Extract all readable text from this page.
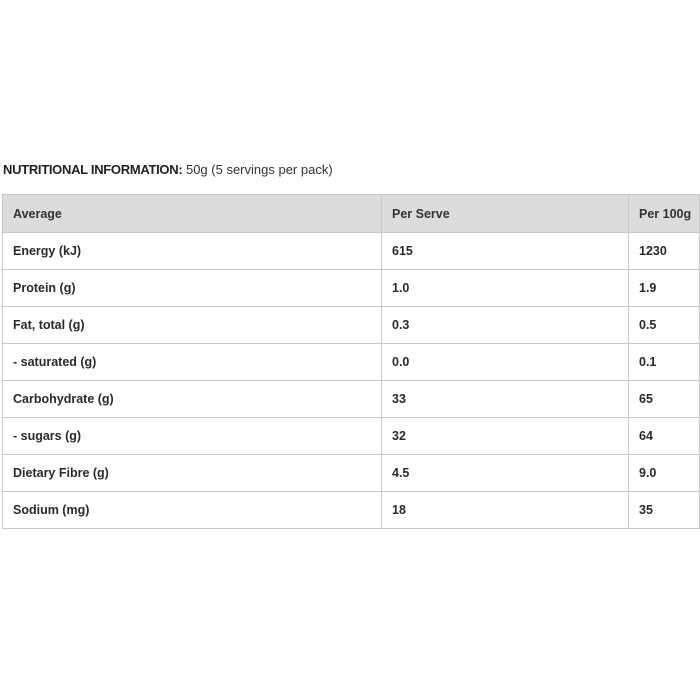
NUTRITIONAL INFORMATION: 50g (5 servings per pack)
Average	Per Serve	Per 100g
Energy (kJ)	615	1230
Protein (g)	1.0	1.9
Fat, total (g)	0.3	0.5
- saturated (g)	0.0	0.1
Carbohydrate (g)	33	65
- sugars (g)	32	64
Dietary Fibre (g)	4.5	9.0
Sodium (mg)	18	35
